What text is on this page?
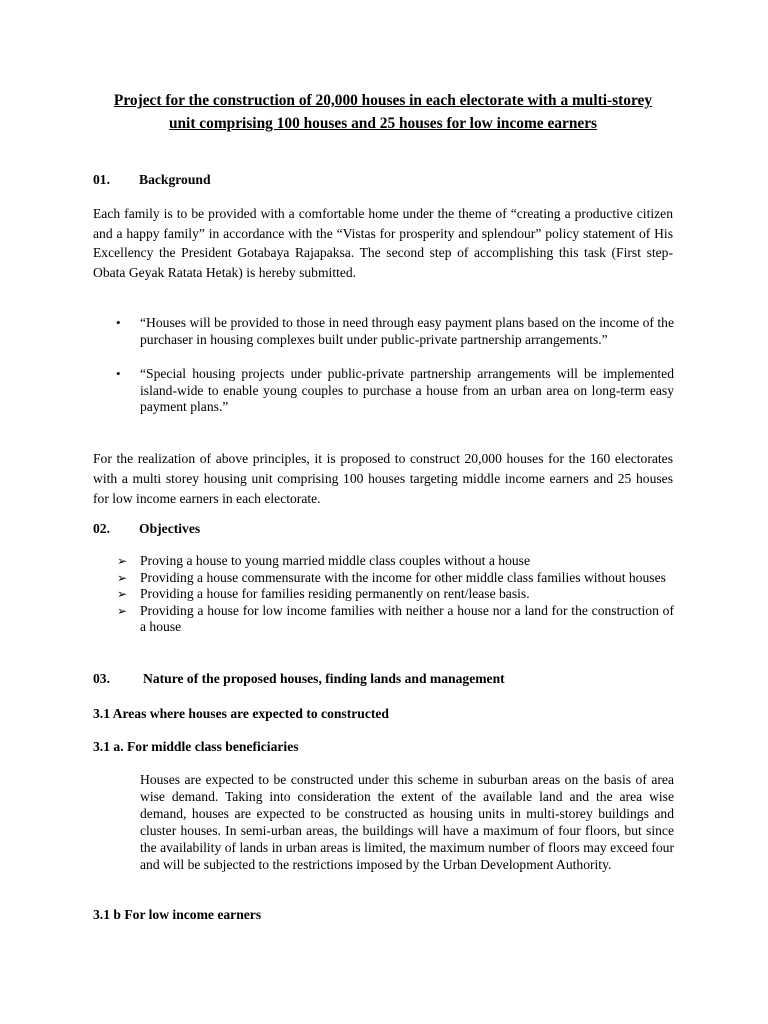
Project for the construction of 20,000 houses in each electorate with a multi-storey unit comprising 100 houses and 25 houses for low income earners
01. Background

Each family is to be provided with a comfortable home under the theme of “creating a productive citizen and a happy family” in accordance with the “Vistas for prosperity and splendour” policy statement of His Excellency the President Gotabaya Rajapaksa. The second step of accomplishing this task (First step-Obata Geyak Ratata Hetak) is hereby submitted.

• “Houses will be provided to those in need through easy payment plans based on the income of the purchaser in housing complexes built under public-private partnership arrangements.”
• “Special housing projects under public-private partnership arrangements will be implemented island-wide to enable young couples to purchase a house from an urban area on long-term easy payment plans.”

For the realization of above principles, it is proposed to construct 20,000 houses for the 160 electorates with a multi storey housing unit comprising 100 houses targeting middle income earners and 25 houses for low income earners in each electorate.

02. Objectives
➢ Proving a house to young married middle class couples without a house
➢ Providing a house commensurate with the income for other middle class families without houses
➢ Providing a house for families residing permanently on rent/lease basis.
➢ Providing a house for low income families with neither a house nor a land for the construction of a house
03. Nature of the proposed houses, finding lands and management
3.1 Areas where houses are expected to constructed
3.1 a. For middle class beneficiaries

Houses are expected to be constructed under this scheme in suburban areas on the basis of area wise demand. Taking into consideration the extent of the available land and the area wise demand, houses are expected to be constructed as housing units in multi-storey buildings and cluster houses. In semi-urban areas, the buildings will have a maximum of four floors, but since the availability of lands in urban areas is limited, the maximum number of floors may exceed four and will be subjected to the restrictions imposed by the Urban Development Authority.

3.1 b For low income earners
